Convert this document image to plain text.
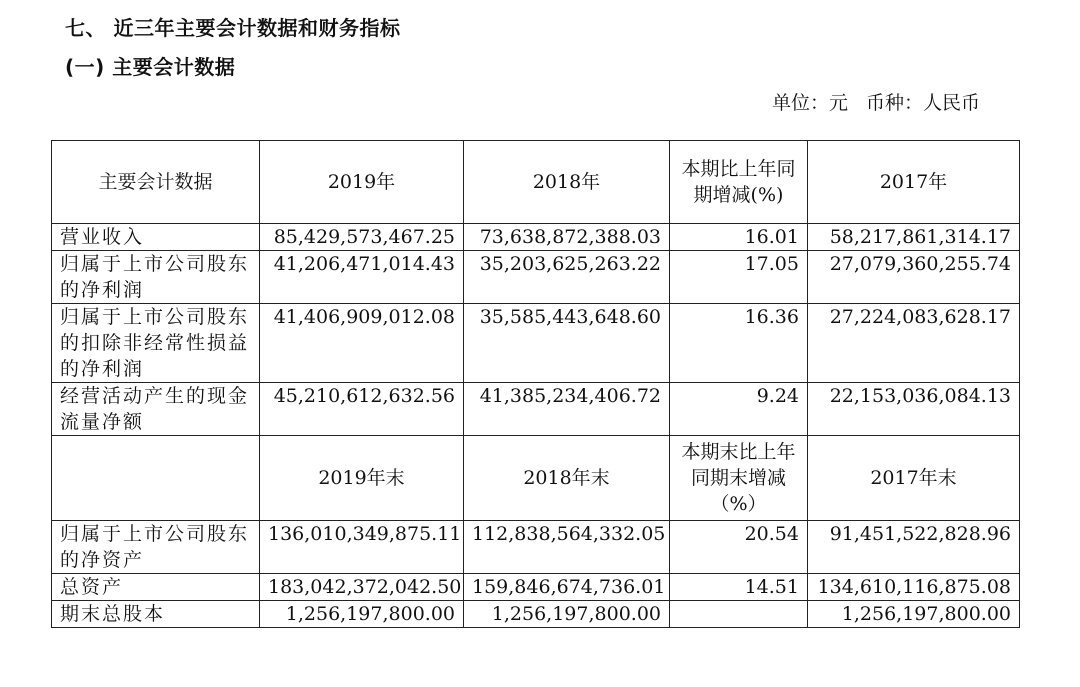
七、 近三年主要会计数据和财务指标
(一) 主要会计数据
单位：元 币种：人民币
主要会计数据	2019年	2018年	本期比上年同期增减(%)	2017年
营业收入	85,429,573,467.25	73,638,872,388.03	16.01	58,217,861,314.17
归属于上市公司股东的净利润	41,206,471,014.43	35,203,625,263.22	17.05	27,079,360,255.74
归属于上市公司股东的扣除非经常性损益的净利润	41,406,909,012.08	35,585,443,648.60	16.36	27,224,083,628.17
经营活动产生的现金流量净额	45,210,612,632.56	41,385,234,406.72	9.24	22,153,036,084.13
	2019年末	2018年末	本期末比上年同期末增减（%）	2017年末
归属于上市公司股东的净资产	136,010,349,875.11	112,838,564,332.05	20.54	91,451,522,828.96
总资产	183,042,372,042.50	159,846,674,736.01	14.51	134,610,116,875.08
期末总股本	1,256,197,800.00	1,256,197,800.00		1,256,197,800.00
